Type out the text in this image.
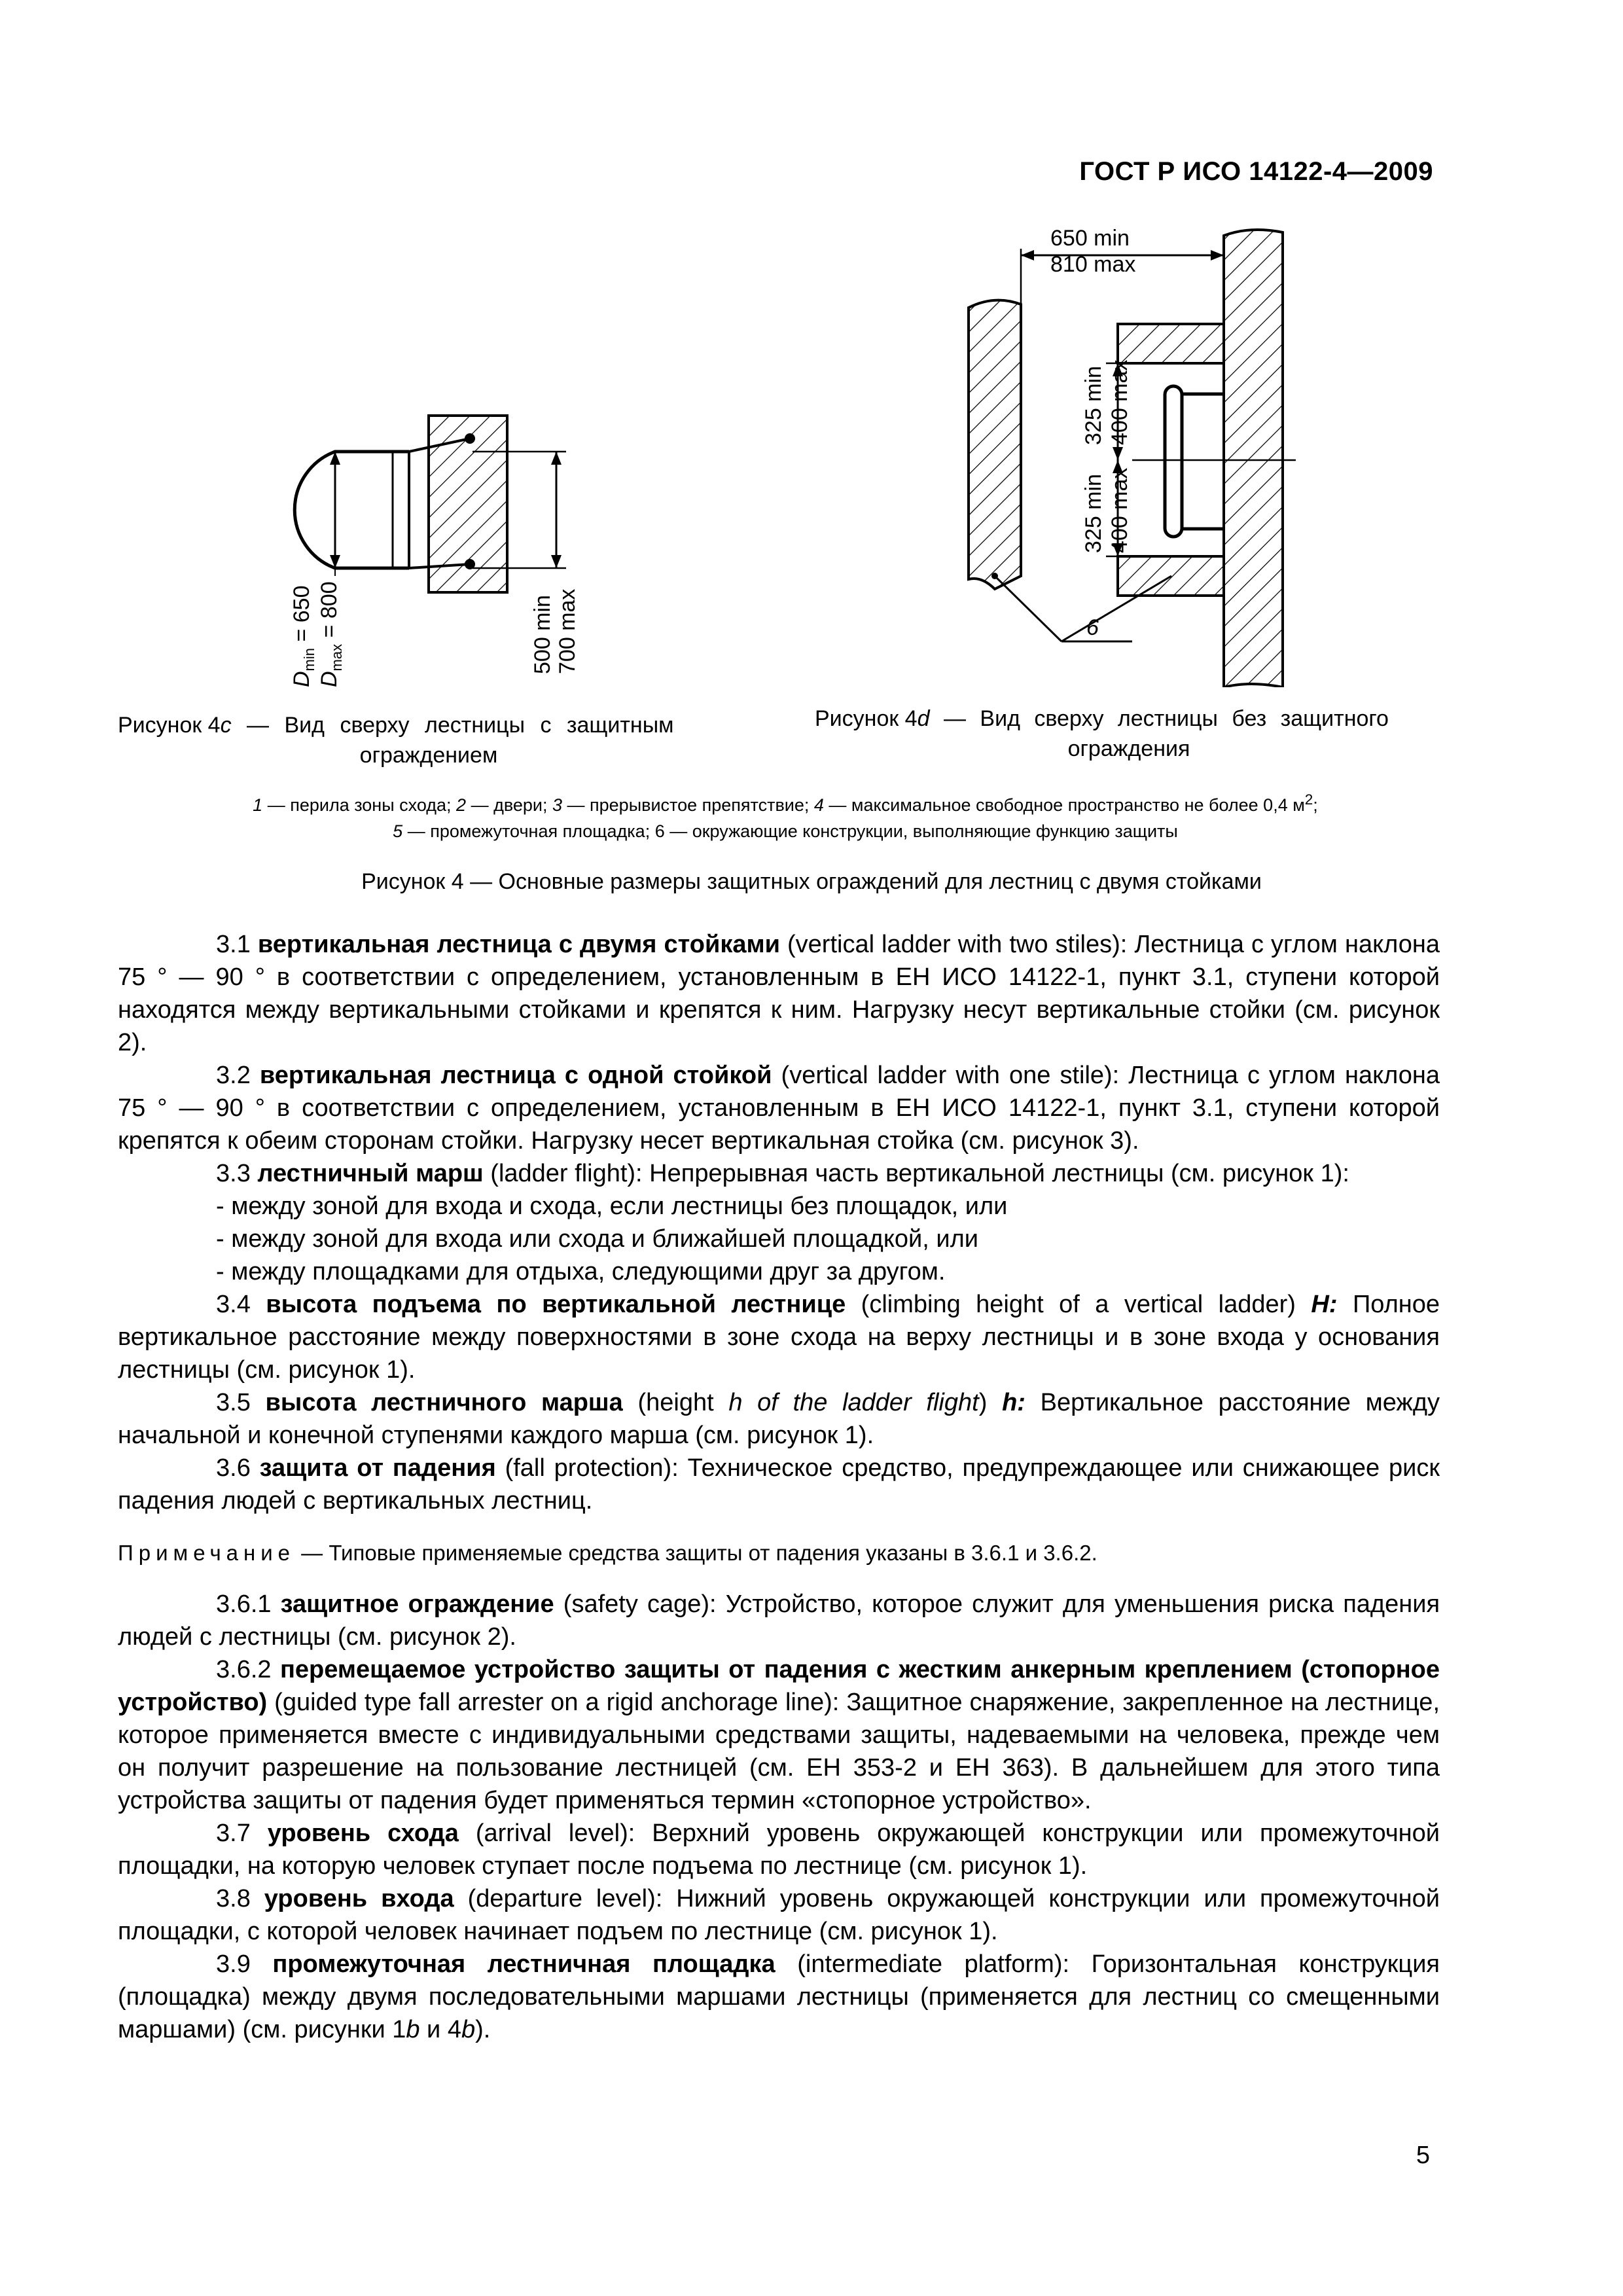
ГОСТ Р ИСО 14122-4—2009
$D_{min} = 650$
$D_{max} = 800$	500 min 700 max	6
650 min
810 max
325 min 400 max
325 min 400 max
Рисунок 4c — Вид сверху лестницы с защитным
ограждением
Рисунок 4d — Вид сверху лестницы без защитного
ограждения
1 — перила зоны схода; 2 — двери; 3 — прерывистое препятствие; 4 — максимальное свободное пространство не более 0,4 $м^2$;
5 — промежуточная площадка; 6 — окружающие конструкции, выполняющие функцию защиты
Рисунок 4 — Основные размеры защитных ограждений для лестниц с двумя стойками

3.1 вертикальная лестница с двумя стойками (vertical ladder with two stiles): Лестница с углом наклона 75 ° — 90 ° в соответствии с определением, установленным в ЕН ИСО 14122-1, пункт 3.1, ступени которой находятся между вертикальными стойками и крепятся к ним. Нагрузку несут вертикальные стойки (см. рисунок 2).

3.2 вертикальная лестница с одной стойкой (vertical ladder with one stile): Лестница с углом наклона 75 ° — 90 ° в соответствии с определением, установленным в ЕН ИСО 14122-1, пункт 3.1, ступени которой крепятся к обеим сторонам стойки. Нагрузку несет вертикальная стойка (см. рисунок 3).

3.3 лестничный марш (ladder flight): Непрерывная часть вертикальной лестницы (см. рисунок 1):

- между зоной для входа и схода, если лестницы без площадок, или

- между зоной для входа или схода и ближайшей площадкой, или

- между площадками для отдыха, следующими друг за другом.

3.4 высота подъема по вертикальной лестнице (climbing height of a vertical ladder) H: Полное вертикальное расстояние между поверхностями в зоне схода на верху лестницы и в зоне входа у основания лестницы (см. рисунок 1).

3.5 высота лестничного марша (height h of the ladder flight) h: Вертикальное расстояние между начальной и конечной ступенями каждого марша (см. рисунок 1).

3.6 защита от падения (fall protection): Техническое средство, предупреждающее или снижающее риск падения людей с вертикальных лестниц.

Примечание — Типовые применяемые средства защиты от падения указаны в 3.6.1 и 3.6.2.

3.6.1 защитное ограждение (safety cage): Устройство, которое служит для уменьшения риска падения людей с лестницы (см. рисунок 2).

3.6.2 перемещаемое устройство защиты от падения с жестким анкерным креплением (стопорное устройство) (guided type fall arrester on a rigid anchorage line): Защитное снаряжение, закрепленное на лестнице, которое применяется вместе с индивидуальными средствами защиты, надеваемыми на человека, прежде чем он получит разрешение на пользование лестницей (см. ЕН 353-2 и ЕН 363). В дальнейшем для этого типа устройства защиты от падения будет применяться термин «стопорное устройство».

3.7 уровень схода (arrival level): Верхний уровень окружающей конструкции или промежуточной площадки, на которую человек ступает после подъема по лестнице (см. рисунок 1).

3.8 уровень входа (departure level): Нижний уровень окружающей конструкции или промежуточной площадки, с которой человек начинает подъем по лестнице (см. рисунок 1).

3.9 промежуточная лестничная площадка (intermediate platform): Горизонтальная конструкция (площадка) между двумя последовательными маршами лестницы (применяется для лестниц со смещенными маршами) (см. рисунки 1b и 4b).

5
